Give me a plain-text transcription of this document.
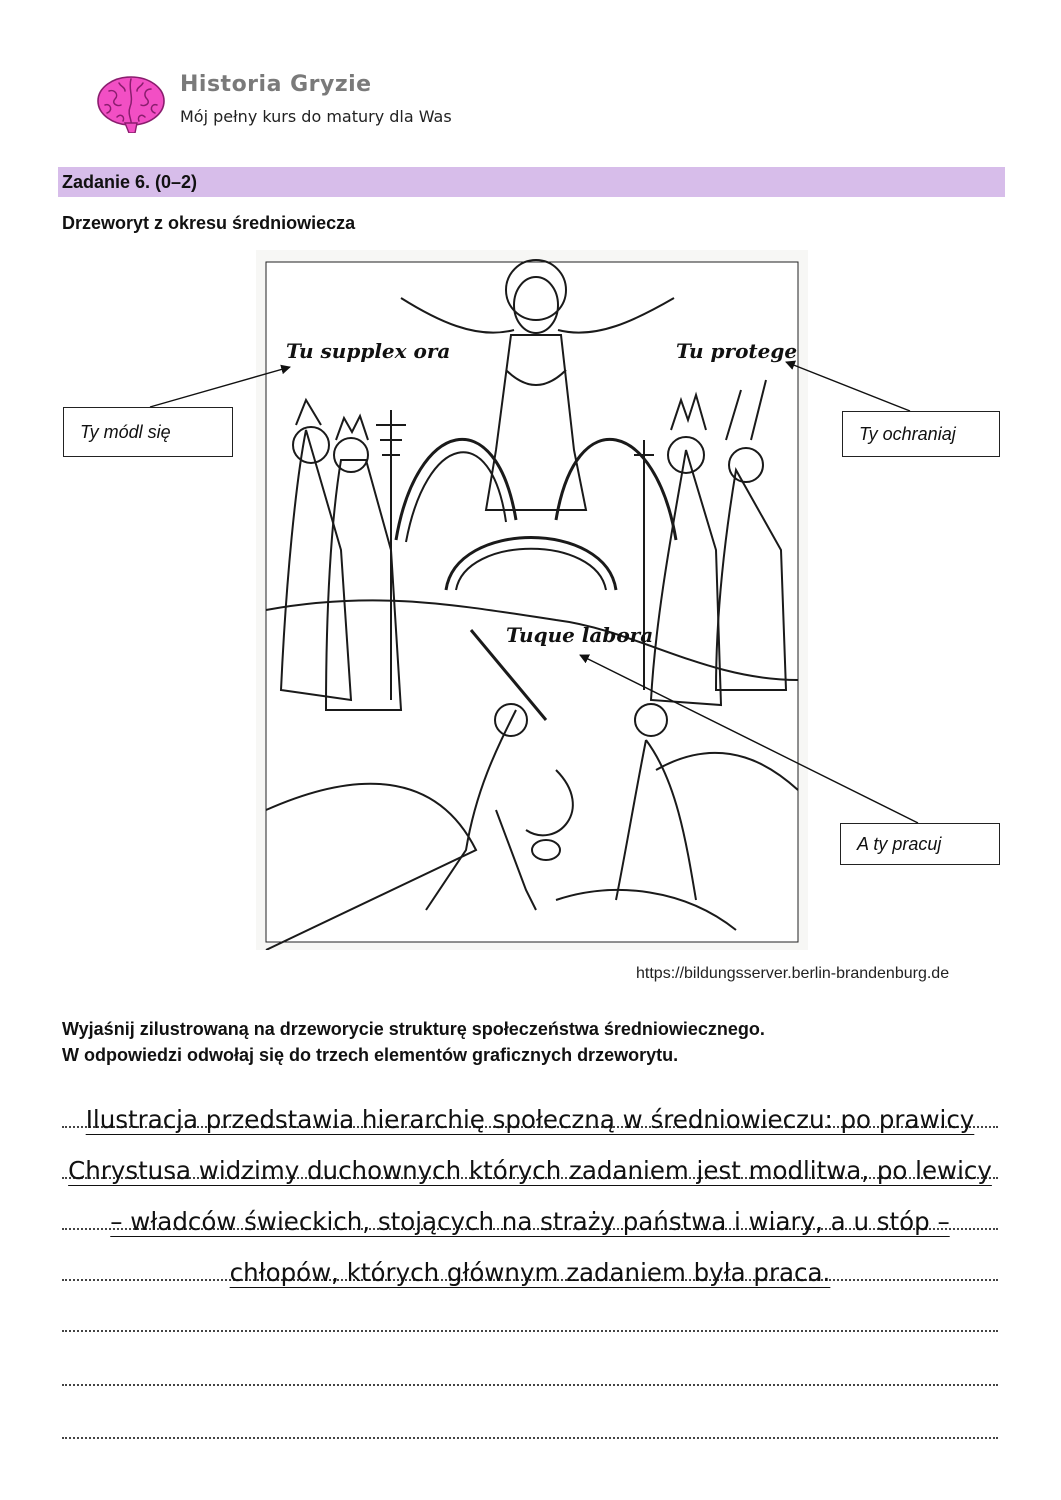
Historia Gryzie
Mój pełny kurs do matury dla Was
Zadanie 6. (0–2)
Drzeworyt z okresu średniowiecza
Tu supplex ora	Tu protege
Tuque labora
Ty módl się	Ty ochraniaj
A ty pracuj
https://bildungsserver.berlin-brandenburg.de
Wyjaśnij zilustrowaną na drzeworycie strukturę społeczeństwa średniowiecznego.
W odpowiedzi odwołaj się do trzech elementów graficznych drzeworytu.
Ilustracja przedstawia hierarchię społeczną w średniowieczu: po prawicy Chrystusa widzimy duchownych których zadaniem jest modlitwa, po lewicy – władców świeckich, stojących na straży państwa i wiary, a u stóp – chłopów, których głównym zadaniem była praca.
